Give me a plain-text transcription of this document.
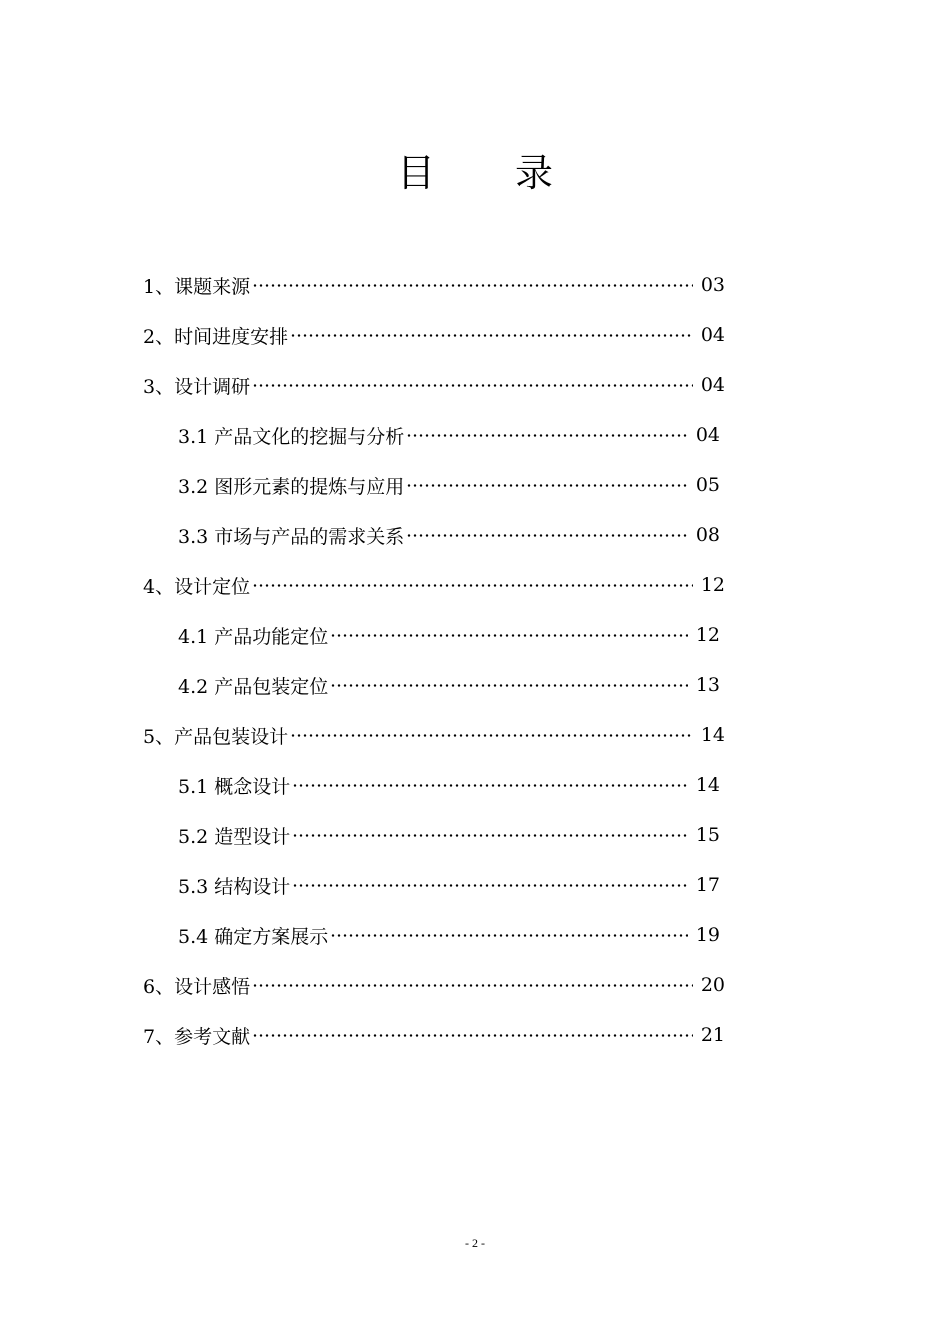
目 录
1、课题来源	03
2、时间进度安排	04
3、设计调研	04
3.1 产品文化的挖掘与分析	04
3.2 图形元素的提炼与应用	05
3.3 市场与产品的需求关系	08
4、设计定位	12
4.1 产品功能定位	12
4.2 产品包装定位	13
5、产品包装设计	14
5.1 概念设计	14
5.2 造型设计	15
5.3 结构设计	17
5.4 确定方案展示	19
6、设计感悟	20
7、参考文献	21
- 2 -
